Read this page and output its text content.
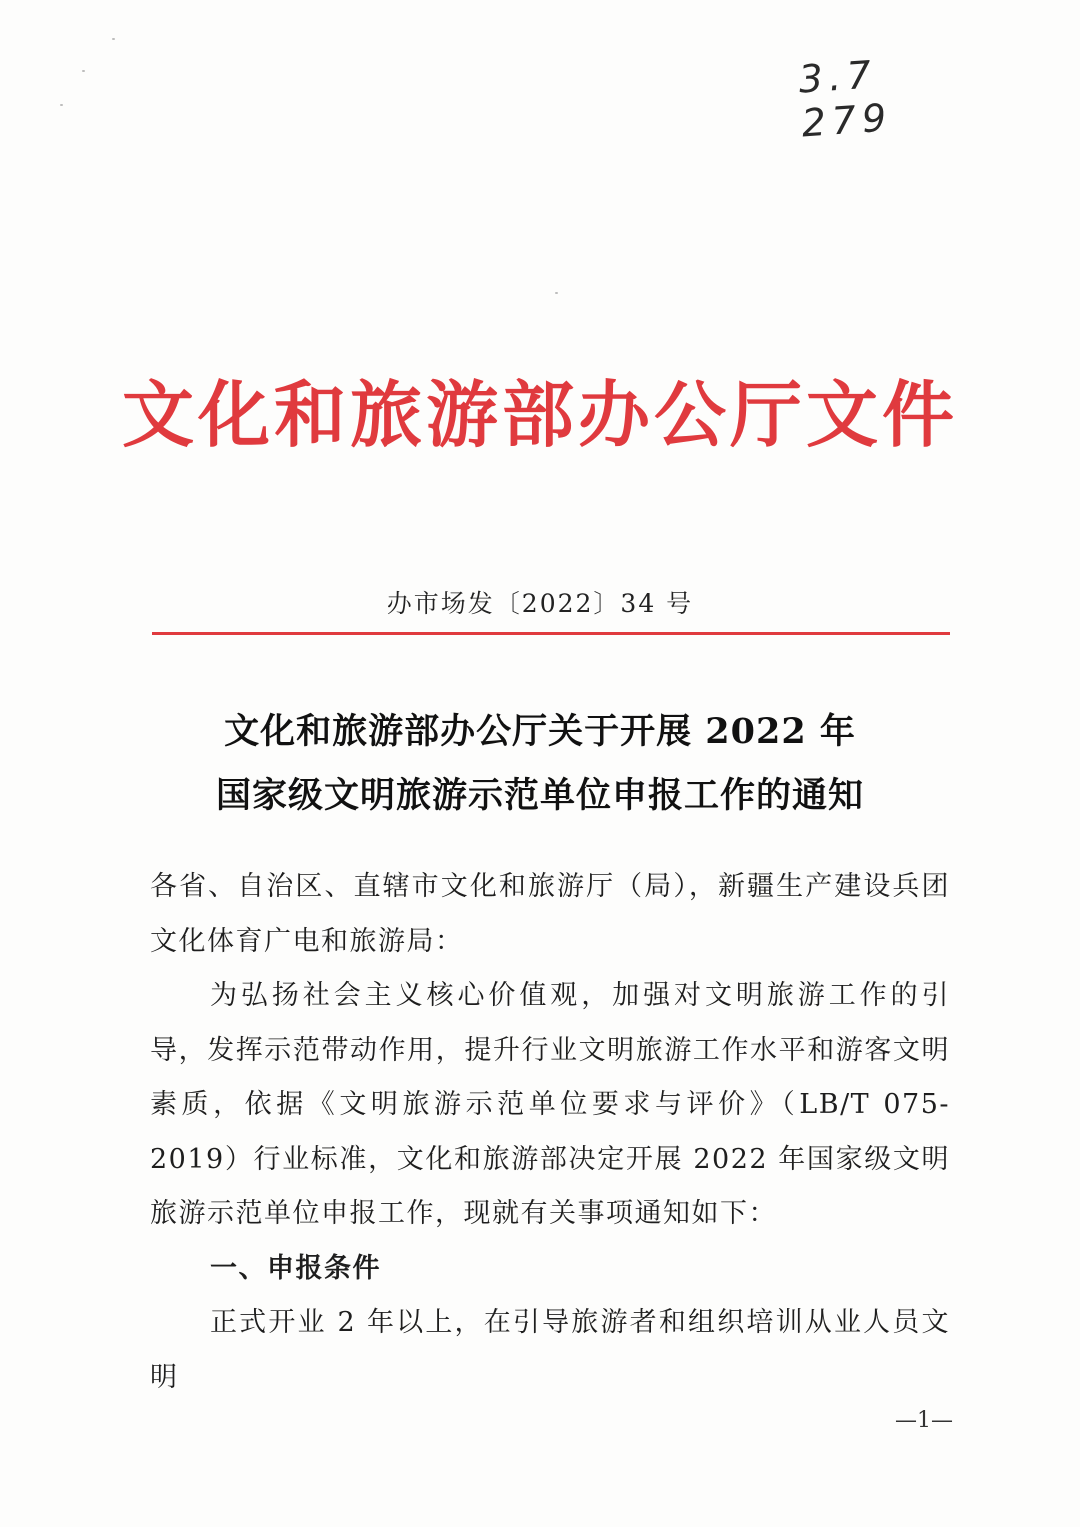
3.7 279
文化和旅游部办公厅文件
办市场发〔2022〕34 号
文化和旅游部办公厅关于开展 2022 年
国家级文明旅游示范单位申报工作的通知

各省、自治区、直辖市文化和旅游厅（局），新疆生产建设兵团文化体育广电和旅游局：

为弘扬社会主义核心价值观，加强对文明旅游工作的引导，发挥示范带动作用，提升行业文明旅游工作水平和游客文明素质，依据《文明旅游示范单位要求与评价》（LB/T 075-2019）行业标准，文化和旅游部决定开展 2022 年国家级文明旅游示范单位申报工作，现就有关事项通知如下：

一、申报条件

正式开业 2 年以上，在引导旅游者和组织培训从业人员文明

—1—
